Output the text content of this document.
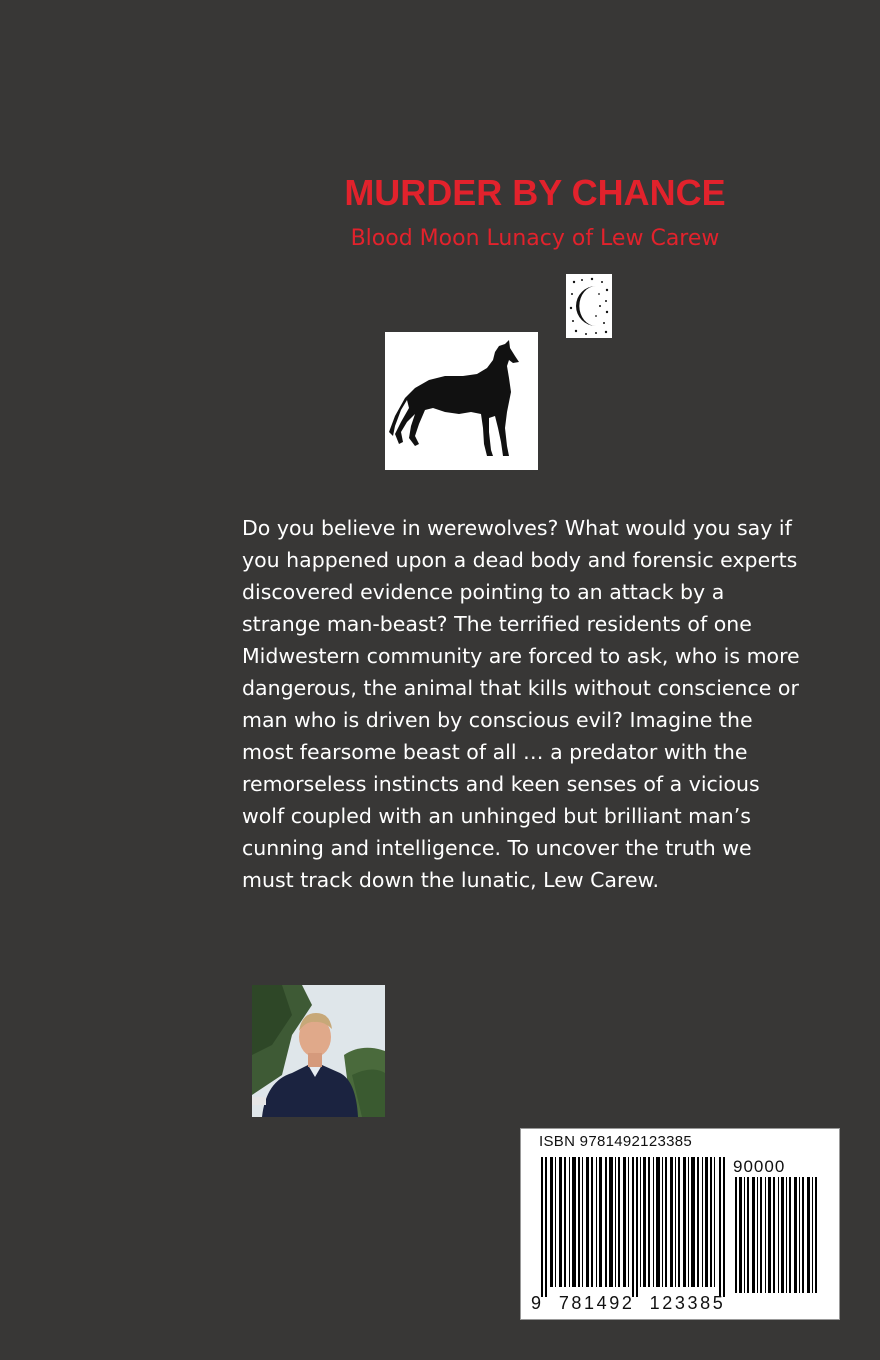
MURDER BY CHANCE

Blood Moon Lunacy of Lew Carew

Do you believe in werewolves? What would you say if you happened upon a dead body and forensic experts discovered evidence pointing to an attack by a strange man-beast? The terrified residents of one Midwestern community are forced to ask, who is more dangerous, the animal that kills without conscience or man who is driven by conscious evil? Imagine the most fearsome beast of all … a predator with the remorseless instincts and keen senses of a vicious wolf coupled with an unhinged but brilliant man’s cunning and intelligence. To uncover the truth we must track down the lunatic, Lew Carew.

ISBN 9781492123385

90000

9  781492  123385
